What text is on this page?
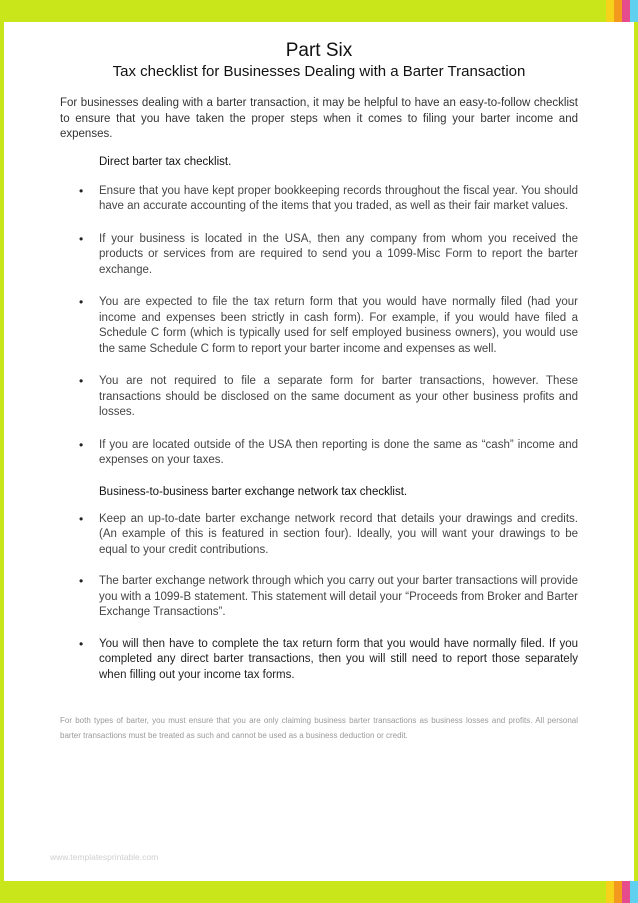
Part Six
Tax checklist for Businesses Dealing with a Barter Transaction

For businesses dealing with a barter transaction, it may be helpful to have an easy-to-follow checklist to ensure that you have taken the proper steps when it comes to filing your barter income and expenses.

Direct barter tax checklist.
• Ensure that you have kept proper bookkeeping records throughout the fiscal year. You should have an accurate accounting of the items that you traded, as well as their fair market values.
• If your business is located in the USA, then any company from whom you received the products or services from are required to send you a 1099-Misc Form to report the barter exchange.
• You are expected to file the tax return form that you would have normally filed (had your income and expenses been strictly in cash form). For example, if you would have filed a Schedule C form (which is typically used for self employed business owners), you would use the same Schedule C form to report your barter income and expenses as well.
• You are not required to file a separate form for barter transactions, however. These transactions should be disclosed on the same document as your other business profits and losses.
• If you are located outside of the USA then reporting is done the same as “cash” income and expenses on your taxes.
Business-to-business barter exchange network tax checklist.
• Keep an up-to-date barter exchange network record that details your drawings and credits. (An example of this is featured in section four). Ideally, you will want your drawings to be equal to your credit contributions.
• The barter exchange network through which you carry out your barter transactions will provide you with a 1099-B statement. This statement will detail your “Proceeds from Broker and Barter Exchange Transactions”.
• You will then have to complete the tax return form that you would have normally filed. If you completed any direct barter transactions, then you will still need to report those separately when filling out your income tax forms.

For both types of barter, you must ensure that you are only claiming business barter transactions as business losses and profits. All personal barter transactions must be treated as such and cannot be used as a business deduction or credit.

www.templatesprintable.com
